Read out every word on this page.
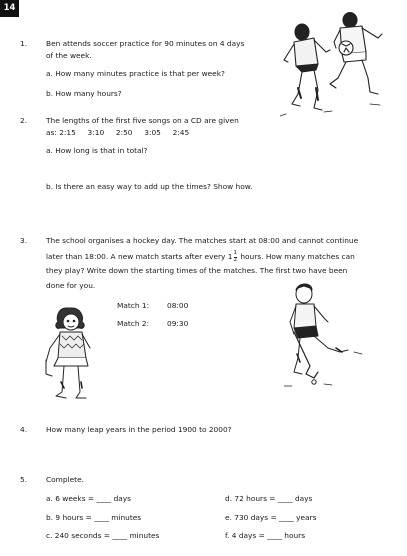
14
1.	Ben attends soccer practice for 90 minutes on 4 days
of the week.
a. How many minutes practice is that per week?
b. How many hours?
2.	The lengths of the first five songs on a CD are given
as: 2:15     3:10     2:50     3:05     2:45
a. How long is that in total?
b. Is there an easy way to add up the times? Show how.
3.	The school organises a hockey day. The matches start at 08:00 and cannot continue
later than 18:00. A new match starts after every $1 \frac{1}{2}$ hours. How many matches can
they play? Write down the starting times of the matches. The first two have been
done for you.
Match 1: 08:00
Match 2: 09:30
4.	How many leap years in the period 1900 to 2000?
5.	Complete.
a. 6 weeks = ____ days
b. 9 hours = ____ minutes
c. 240 seconds = ____ minutes
d. 72 hours = ____ days
e. 730 days = ____ years
f. 4 days = ____ hours
